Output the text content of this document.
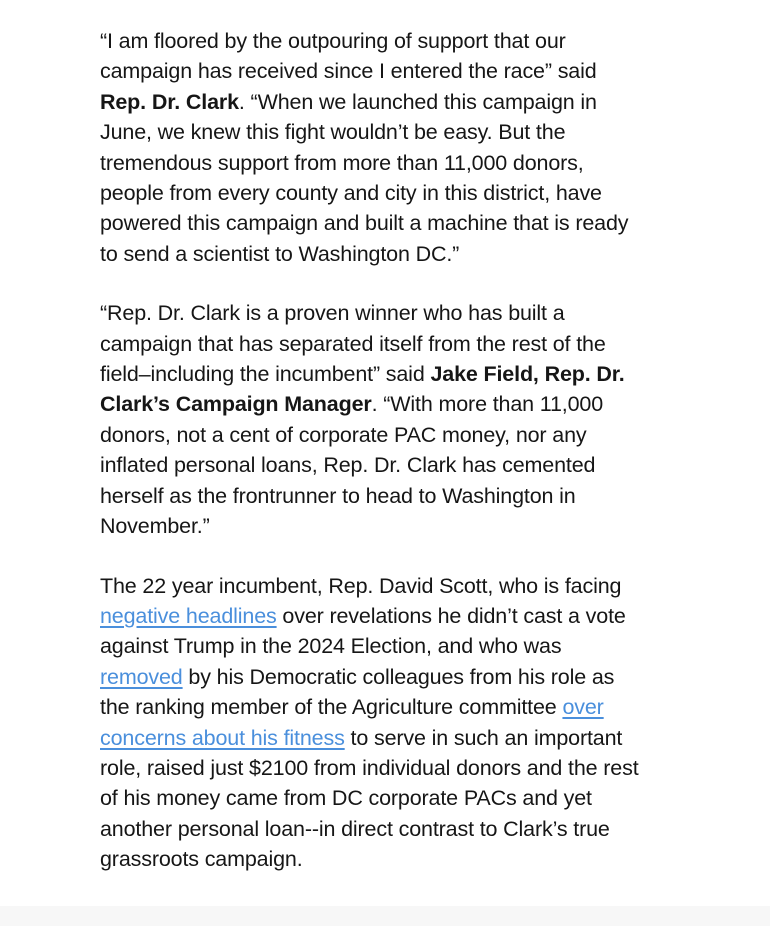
“I am floored by the outpouring of support that our
campaign has received since I entered the race” said
Rep. Dr. Clark. “When we launched this campaign in
June, we knew this fight wouldn’t be easy. But the
tremendous support from more than 11,000 donors,
people from every county and city in this district, have
powered this campaign and built a machine that is ready
to send a scientist to Washington DC.”

“Rep. Dr. Clark is a proven winner who has built a
campaign that has separated itself from the rest of the
field–including the incumbent” said Jake Field, Rep. Dr.
Clark’s Campaign Manager. “With more than 11,000
donors, not a cent of corporate PAC money, nor any
inflated personal loans, Rep. Dr. Clark has cemented
herself as the frontrunner to head to Washington in
November.”

The 22 year incumbent, Rep. David Scott, who is facing
negative headlines over revelations he didn’t cast a vote
against Trump in the 2024 Election, and who was
removed by his Democratic colleagues from his role as
the ranking member of the Agriculture committee over
concerns about his fitness to serve in such an important
role, raised just $2100 from individual donors and the rest
of his money came from DC corporate PACs and yet
another personal loan--in direct contrast to Clark’s true
grassroots campaign.
